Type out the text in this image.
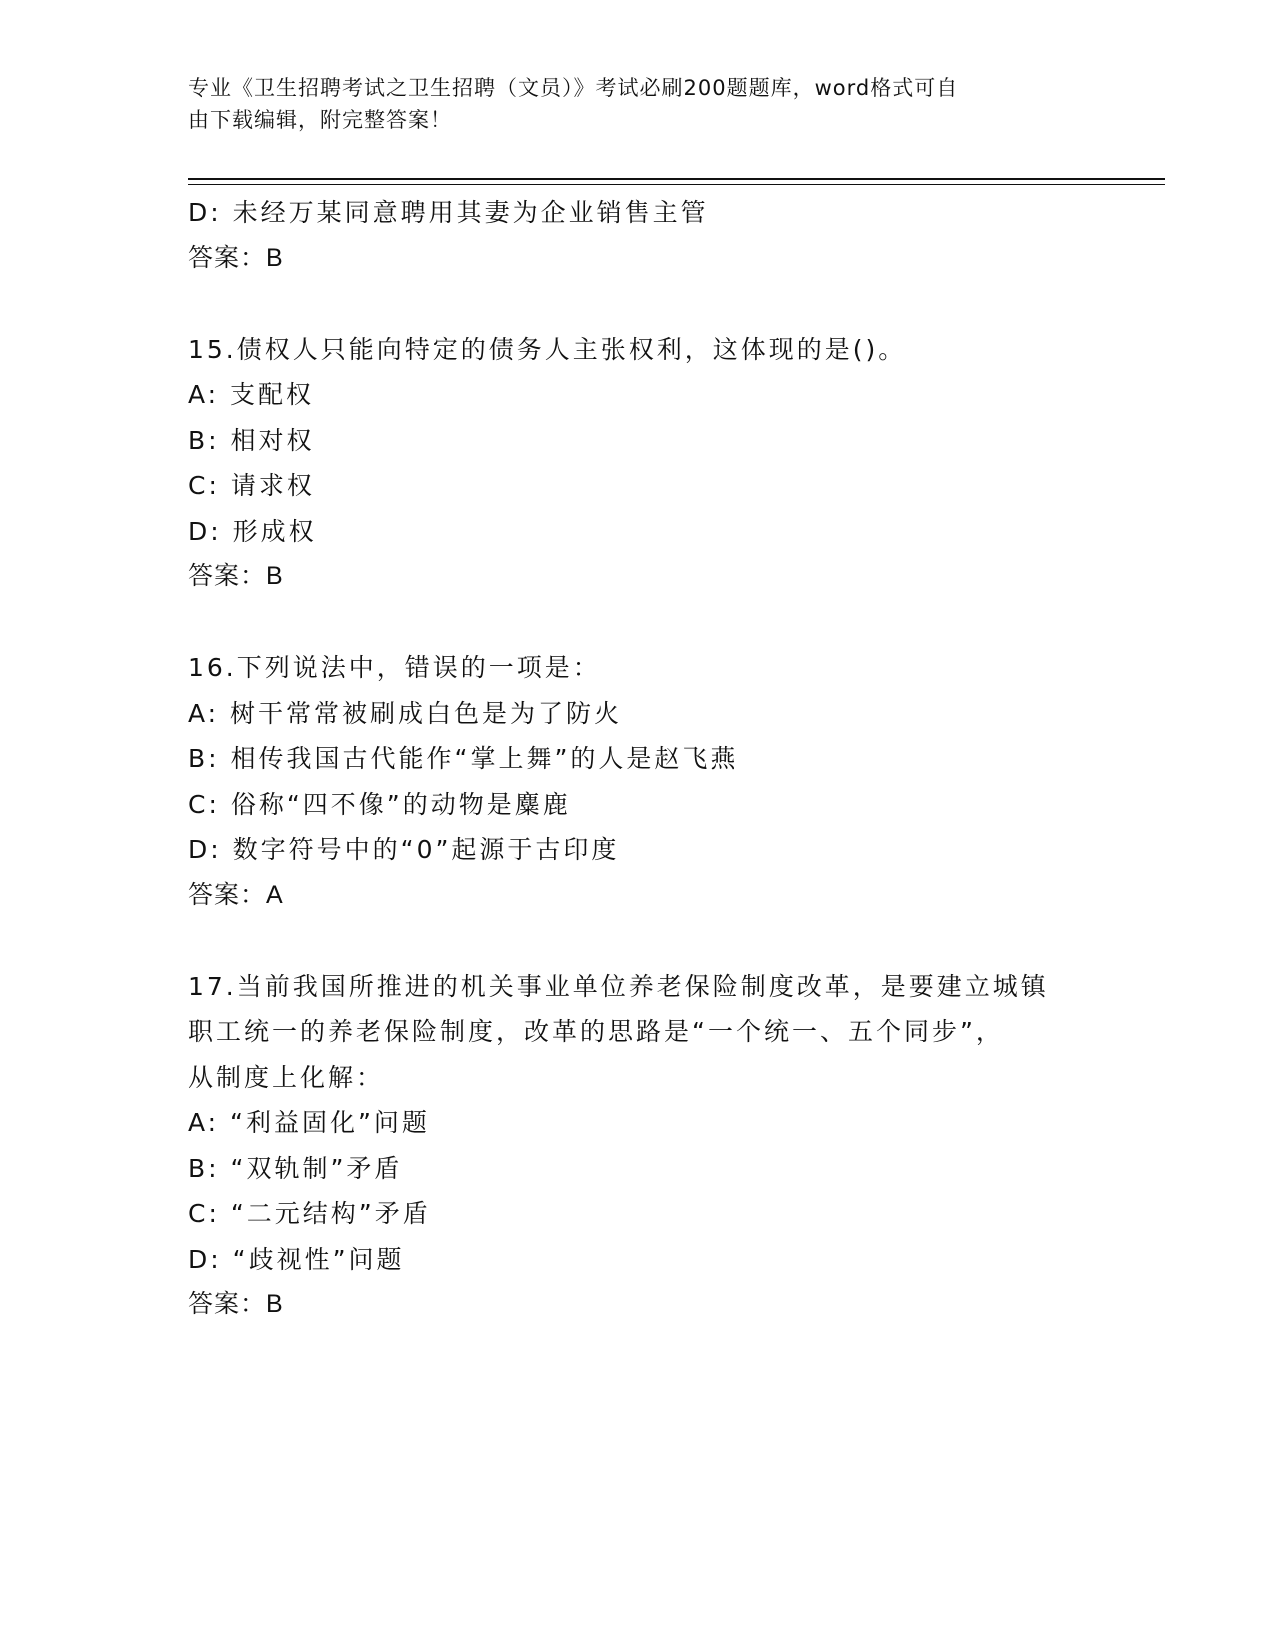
专业《卫生招聘考试之卫生招聘（文员）》考试必刷200题题库，word格式可自
由下载编辑，附完整答案！
D: 未经万某同意聘用其妻为企业销售主管
答案：B
15.债权人只能向特定的债务人主张权利，这体现的是()。
A: 支配权
B: 相对权
C: 请求权
D: 形成权
答案：B
16.下列说法中，错误的一项是：
A: 树干常常被刷成白色是为了防火
B: 相传我国古代能作“掌上舞”的人是赵飞燕
C: 俗称“四不像”的动物是麋鹿
D: 数字符号中的“0”起源于古印度
答案：A
17.当前我国所推进的机关事业单位养老保险制度改革，是要建立城镇
职工统一的养老保险制度，改革的思路是“一个统一、五个同步”，
从制度上化解：
A: “利益固化”问题
B: “双轨制”矛盾
C: “二元结构”矛盾
D: “歧视性”问题
答案：B
